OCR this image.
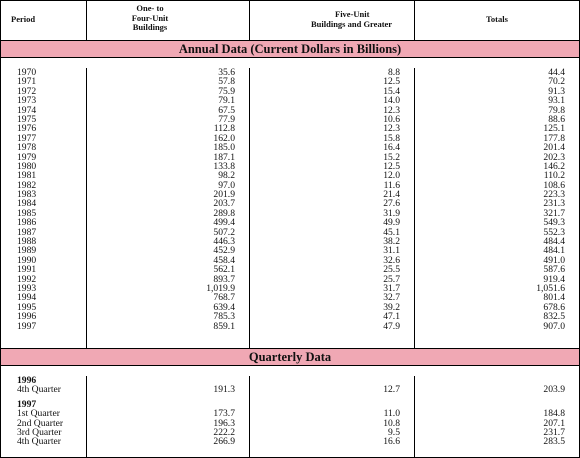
Period
One- to
Four-Unit
Buildings
Five-Unit
Buildings and Greater	Totals
Annual Data (Current Dollars in Billions)
1970
1971
1972
1973
1974
1975
1976
1977
1978
1979
1980
1981
1982
1983
1984
1985
1986
1987
1988
1989
1990
1991
1992
1993
1994
1995
1996
1997
35.6
57.8
75.9
79.1
67.5
77.9
112.8
162.0
185.0
187.1
133.8
98.2
97.0
201.9
203.7
289.8
499.4
507.2
446.3
452.9
458.4
562.1
893.7
1,019.9
768.7
639.4
785.3
859.1
8.8
12.5
15.4
14.0
12.3
10.6
12.3
15.8
16.4
15.2
12.5
12.0
11.6
21.4
27.6
31.9
49.9
45.1
38.2
31.1
32.6
25.5
25.7
31.7
32.7
39.2
47.1
47.9
44.4
70.2
91.3
93.1
79.8
88.6
125.1
177.8
201.4
202.3
146.2
110.2
108.6
223.3
231.3
321.7
549.3
552.3
484.4
484.1
491.0
587.6
919.4
1,051.6
801.4
678.6
832.5
907.0
Quarterly Data
1996
4th Quarter
1997
1st Quarter
2nd Quarter
3rd Quarter
4th Quarter

191.3

173.7
196.3
222.2
266.9

12.7

11.0
10.8
9.5
16.6

203.9

184.8
207.1
231.7
283.5
